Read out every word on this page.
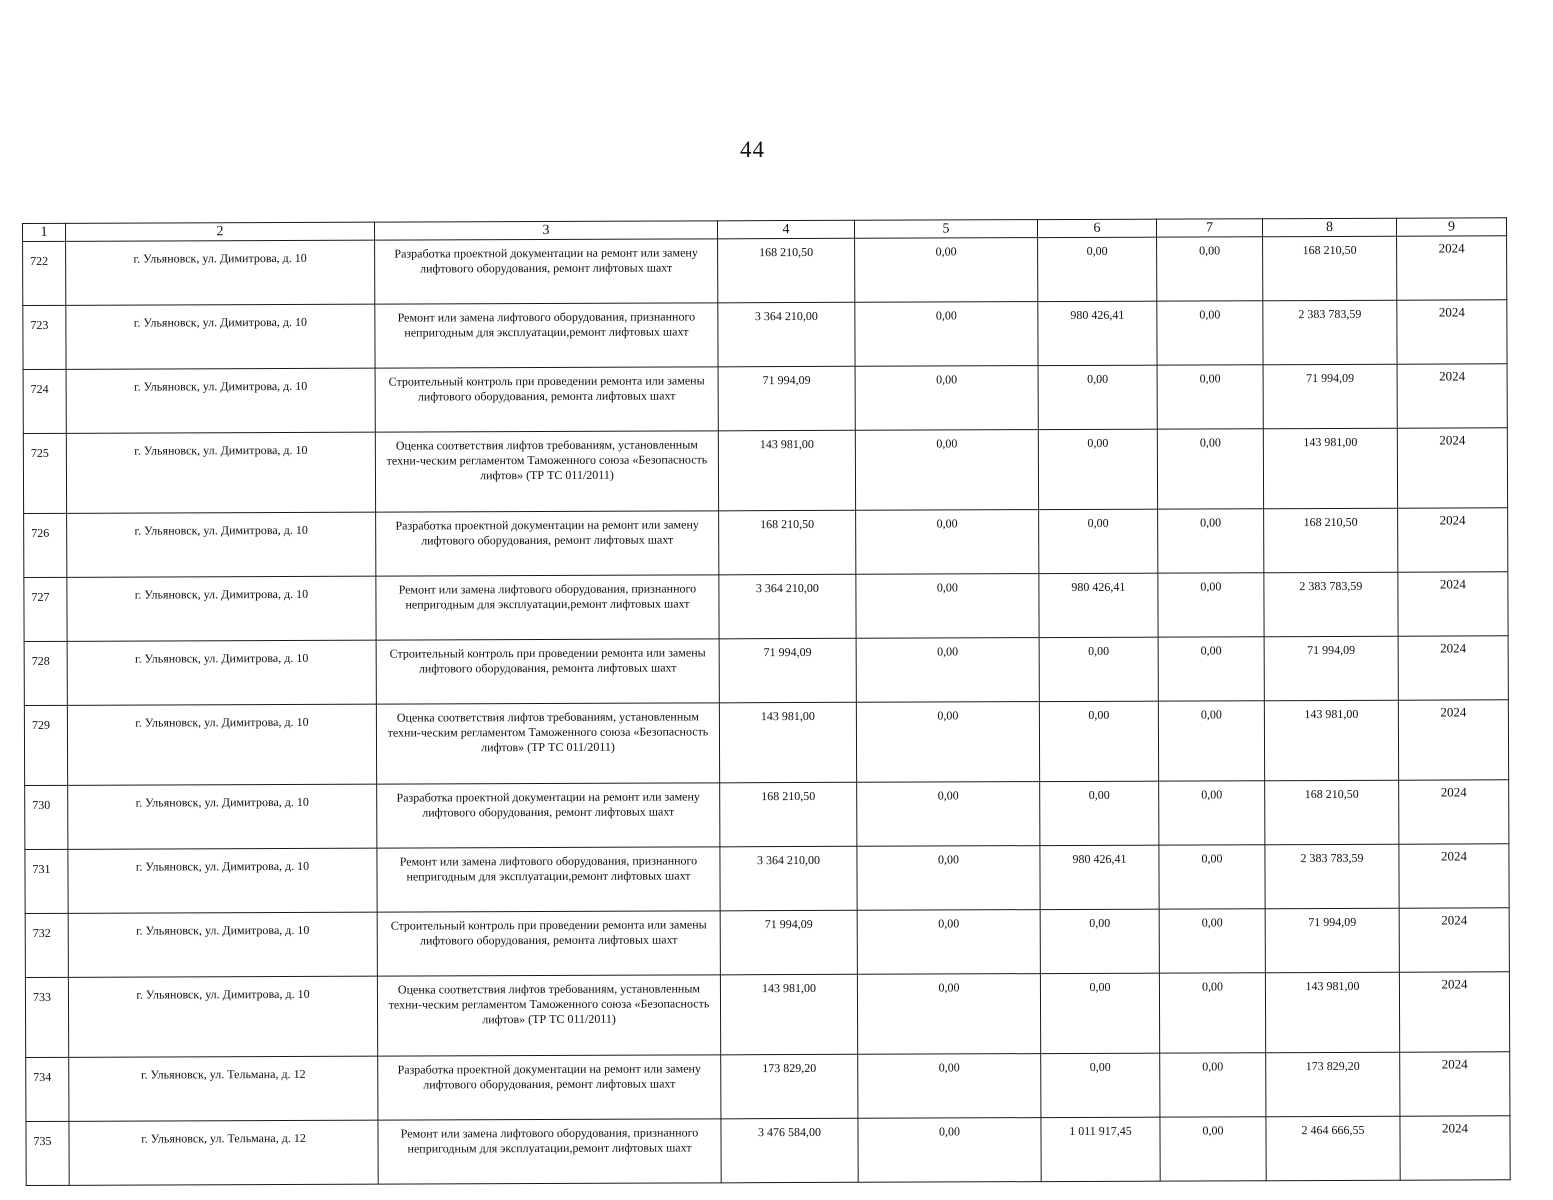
44
1	2	3	4	5	6	7	8	9
722	г. Ульяновск, ул. Димитрова, д. 10	Разработка проектной документации на ремонт или замену лифтового оборудования, ремонт лифтовых шахт	168 210,50	0,00	0,00	0,00	168 210,50	2024
723	г. Ульяновск, ул. Димитрова, д. 10	Ремонт или замена лифтового оборудования, признанного непригодным для эксплуатации,ремонт лифтовых шахт	3 364 210,00	0,00	980 426,41	0,00	2 383 783,59	2024
724	г. Ульяновск, ул. Димитрова, д. 10	Строительный контроль при проведении ремонта или замены лифтового оборудования, ремонта лифтовых шахт	71 994,09	0,00	0,00	0,00	71 994,09	2024
725	г. Ульяновск, ул. Димитрова, д. 10	Оценка соответствия лифтов требованиям, установленным техни-ческим регламентом Таможенного союза «Безопасность лифтов» (ТР ТС 011/2011)	143 981,00	0,00	0,00	0,00	143 981,00	2024
726	г. Ульяновск, ул. Димитрова, д. 10	Разработка проектной документации на ремонт или замену лифтового оборудования, ремонт лифтовых шахт	168 210,50	0,00	0,00	0,00	168 210,50	2024
727	г. Ульяновск, ул. Димитрова, д. 10	Ремонт или замена лифтового оборудования, признанного непригодным для эксплуатации,ремонт лифтовых шахт	3 364 210,00	0,00	980 426,41	0,00	2 383 783,59	2024
728	г. Ульяновск, ул. Димитрова, д. 10	Строительный контроль при проведении ремонта или замены лифтового оборудования, ремонта лифтовых шахт	71 994,09	0,00	0,00	0,00	71 994,09	2024
729	г. Ульяновск, ул. Димитрова, д. 10	Оценка соответствия лифтов требованиям, установленным техни-ческим регламентом Таможенного союза «Безопасность лифтов» (ТР ТС 011/2011)	143 981,00	0,00	0,00	0,00	143 981,00	2024
730	г. Ульяновск, ул. Димитрова, д. 10	Разработка проектной документации на ремонт или замену лифтового оборудования, ремонт лифтовых шахт	168 210,50	0,00	0,00	0,00	168 210,50	2024
731	г. Ульяновск, ул. Димитрова, д. 10	Ремонт или замена лифтового оборудования, признанного непригодным для эксплуатации,ремонт лифтовых шахт	3 364 210,00	0,00	980 426,41	0,00	2 383 783,59	2024
732	г. Ульяновск, ул. Димитрова, д. 10	Строительный контроль при проведении ремонта или замены лифтового оборудования, ремонта лифтовых шахт	71 994,09	0,00	0,00	0,00	71 994,09	2024
733	г. Ульяновск, ул. Димитрова, д. 10	Оценка соответствия лифтов требованиям, установленным техни-ческим регламентом Таможенного союза «Безопасность лифтов» (ТР ТС 011/2011)	143 981,00	0,00	0,00	0,00	143 981,00	2024
734	г. Ульяновск, ул. Тельмана, д. 12	Разработка проектной документации на ремонт или замену лифтового оборудования, ремонт лифтовых шахт	173 829,20	0,00	0,00	0,00	173 829,20	2024
735	г. Ульяновск, ул. Тельмана, д. 12	Ремонт или замена лифтового оборудования, признанного непригодным для эксплуатации,ремонт лифтовых шахт	3 476 584,00	0,00	1 011 917,45	0,00	2 464 666,55	2024
